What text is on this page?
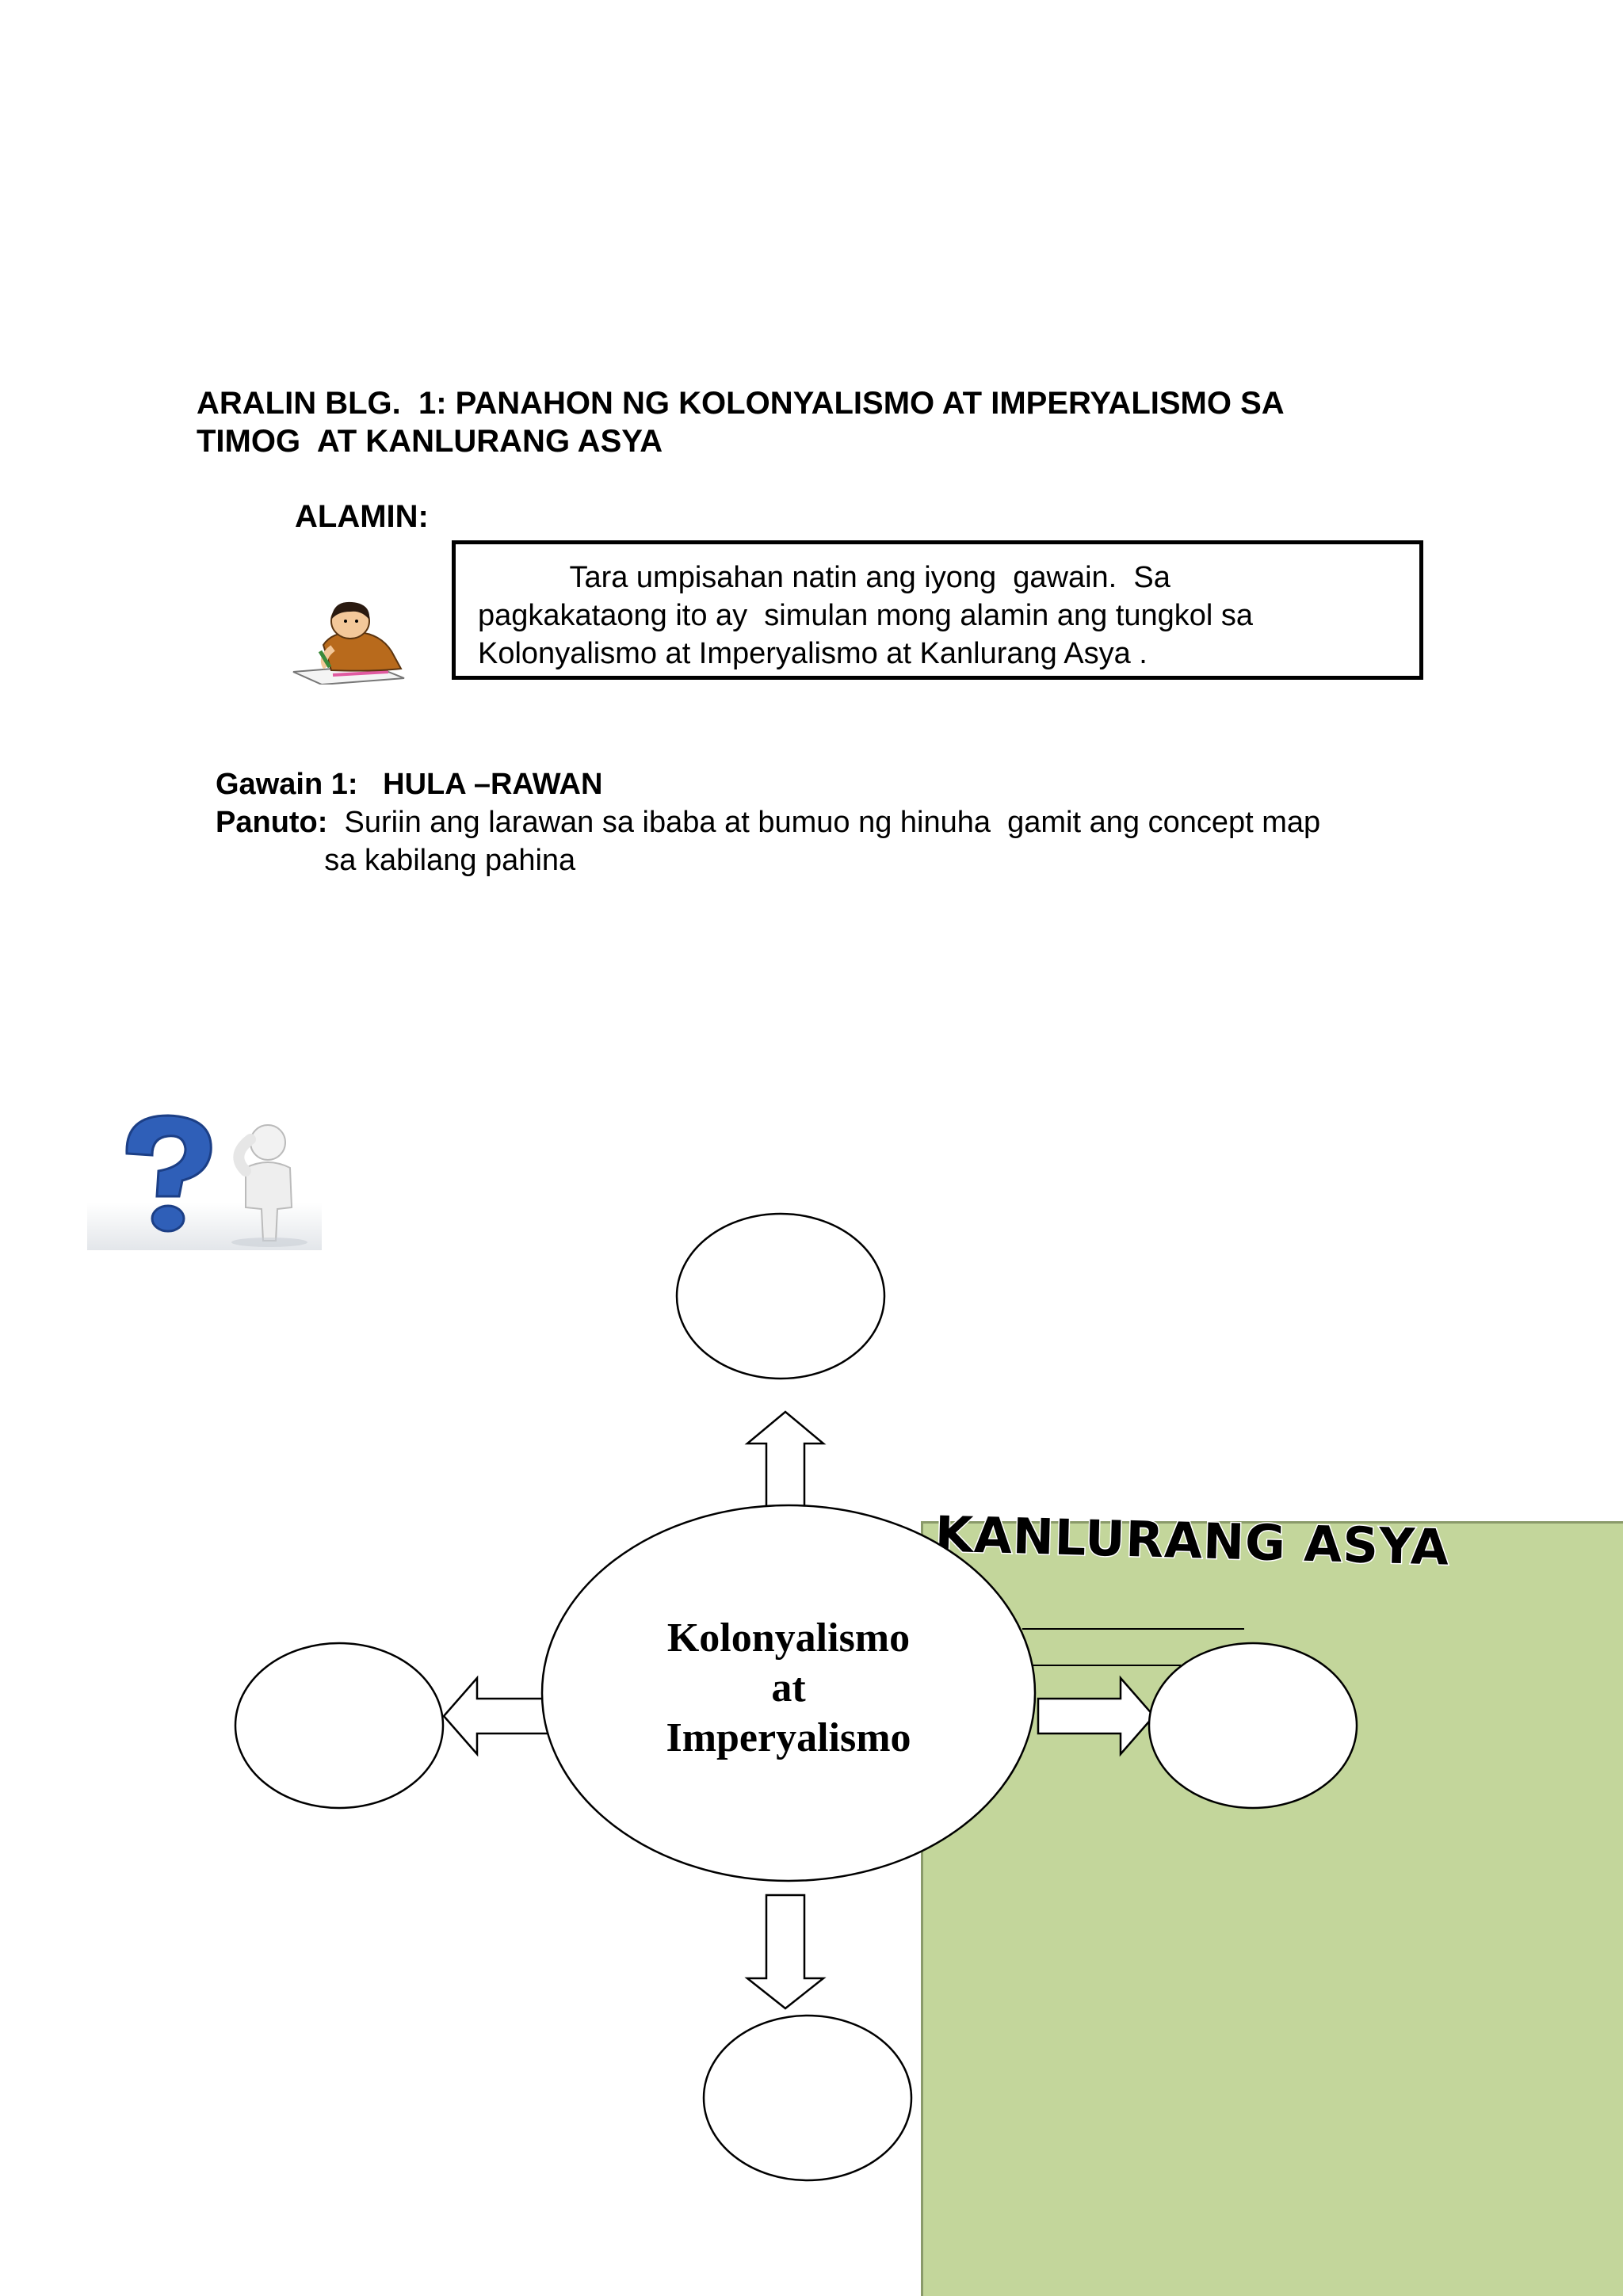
ARALIN BLG.  1: PANAHON NG KOLONYALISMO AT IMPERYALISMO SA
TIMOG  AT KANLURANG ASYA
ALAMIN:
Tara umpisahan natin ang iyong  gawain.  Sa
pagkakataong ito ay  simulan mong alamin ang tungkol sa
Kolonyalismo at Imperyalismo at Kanlurang Asya .
Gawain 1:   HULA –RAWAN
Panuto:  Suriin ang larawan sa ibaba at bumuo ng hinuha  gamit ang concept map
sa kabilang pahina
KANLURANG ASYA
Kolonyalismo
at
Imperyalismo
